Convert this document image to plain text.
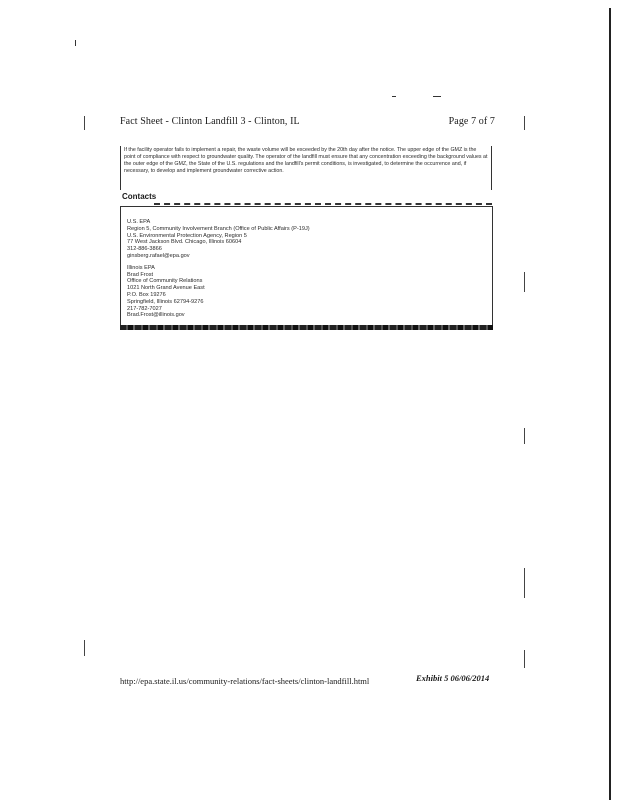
Fact Sheet - Clinton Landfill 3 - Clinton, IL	Page 7 of 7
If the facility operator fails to implement a repair, the waste volume will be exceeded by the 20th day after the notice. The upper edge of the GMZ is the point of compliance with respect to groundwater quality. The operator of the landfill must ensure that any concentration exceeding the background values at the outer edge of the GMZ, the State of the U.S. regulations and the landfill's permit conditions, is investigated, to determine the occurrence and, if necessary, to develop and implement groundwater corrective action.
Contacts
U.S. EPA
Region 5, Community Involvement Branch (Office of Public Affairs (P-19J)
U.S. Environmental Protection Agency, Region 5
77 West Jackson Blvd. Chicago, Illinois 60604
312-886-3866
ginsberg.rafael@epa.gov
Illinois EPA
Brad Frost
Office of Community Relations
1021 North Grand Avenue East
P.O. Box 19276
Springfield, Illinois 62794-9276
217-782-7027
Brad.Frost@illinois.gov
http://epa.state.il.us/community-relations/fact-sheets/clinton-landfill.html	Exhibit 5 06/06/2014
